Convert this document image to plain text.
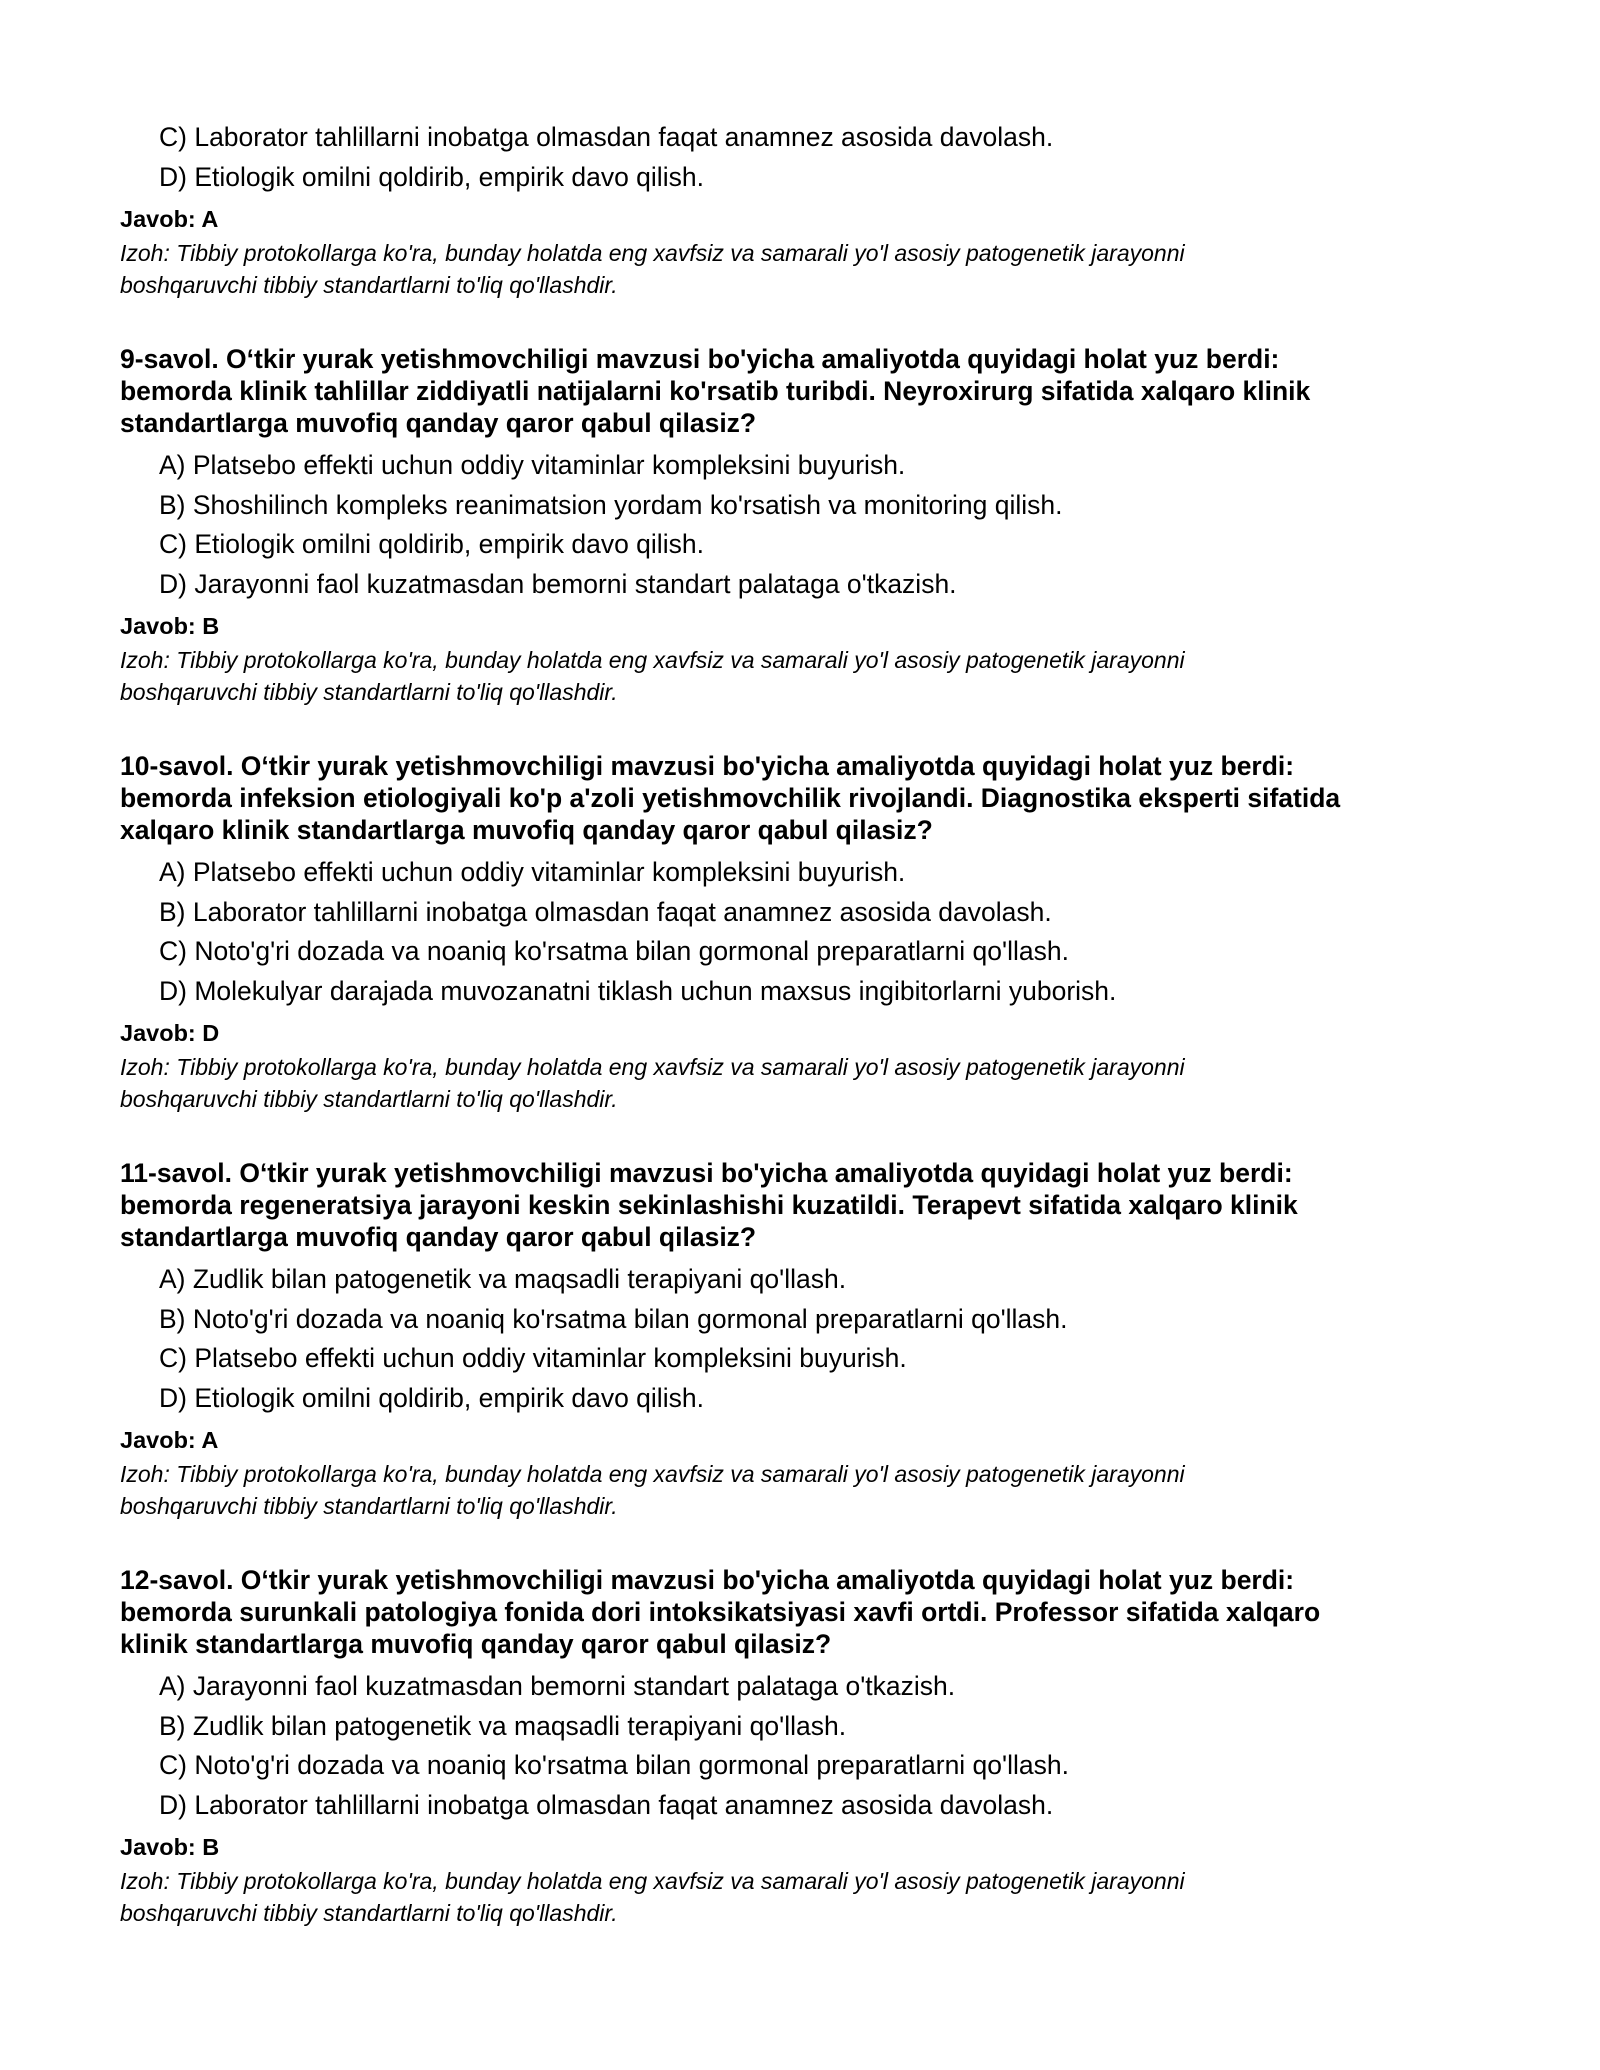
C) Laborator tahlillarni inobatga olmasdan faqat anamnez asosida davolash.
D) Etiologik omilni qoldirib, empirik davo qilish.
Javob: A
Izoh: Tibbiy protokollarga ko'ra, bunday holatda eng xavfsiz va samarali yo'l asosiy patogenetik jarayonni
boshqaruvchi tibbiy standartlarni to'liq qo'llashdir.
9-savol. O‘tkir yurak yetishmovchiligi mavzusi bo'yicha amaliyotda quyidagi holat yuz berdi:
bemorda klinik tahlillar ziddiyatli natijalarni ko'rsatib turibdi. Neyroxirurg sifatida xalqaro klinik
standartlarga muvofiq qanday qaror qabul qilasiz?
A) Platsebo effekti uchun oddiy vitaminlar kompleksini buyurish.
B) Shoshilinch kompleks reanimatsion yordam ko'rsatish va monitoring qilish.
C) Etiologik omilni qoldirib, empirik davo qilish.
D) Jarayonni faol kuzatmasdan bemorni standart palataga o'tkazish.
Javob: B
Izoh: Tibbiy protokollarga ko'ra, bunday holatda eng xavfsiz va samarali yo'l asosiy patogenetik jarayonni
boshqaruvchi tibbiy standartlarni to'liq qo'llashdir.
10-savol. O‘tkir yurak yetishmovchiligi mavzusi bo'yicha amaliyotda quyidagi holat yuz berdi:
bemorda infeksion etiologiyali ko'p a'zoli yetishmovchilik rivojlandi. Diagnostika eksperti sifatida
xalqaro klinik standartlarga muvofiq qanday qaror qabul qilasiz?
A) Platsebo effekti uchun oddiy vitaminlar kompleksini buyurish.
B) Laborator tahlillarni inobatga olmasdan faqat anamnez asosida davolash.
C) Noto'g'ri dozada va noaniq ko'rsatma bilan gormonal preparatlarni qo'llash.
D) Molekulyar darajada muvozanatni tiklash uchun maxsus ingibitorlarni yuborish.
Javob: D
Izoh: Tibbiy protokollarga ko'ra, bunday holatda eng xavfsiz va samarali yo'l asosiy patogenetik jarayonni
boshqaruvchi tibbiy standartlarni to'liq qo'llashdir.
11-savol. O‘tkir yurak yetishmovchiligi mavzusi bo'yicha amaliyotda quyidagi holat yuz berdi:
bemorda regeneratsiya jarayoni keskin sekinlashishi kuzatildi. Terapevt sifatida xalqaro klinik
standartlarga muvofiq qanday qaror qabul qilasiz?
A) Zudlik bilan patogenetik va maqsadli terapiyani qo'llash.
B) Noto'g'ri dozada va noaniq ko'rsatma bilan gormonal preparatlarni qo'llash.
C) Platsebo effekti uchun oddiy vitaminlar kompleksini buyurish.
D) Etiologik omilni qoldirib, empirik davo qilish.
Javob: A
Izoh: Tibbiy protokollarga ko'ra, bunday holatda eng xavfsiz va samarali yo'l asosiy patogenetik jarayonni
boshqaruvchi tibbiy standartlarni to'liq qo'llashdir.
12-savol. O‘tkir yurak yetishmovchiligi mavzusi bo'yicha amaliyotda quyidagi holat yuz berdi:
bemorda surunkali patologiya fonida dori intoksikatsiyasi xavfi ortdi. Professor sifatida xalqaro
klinik standartlarga muvofiq qanday qaror qabul qilasiz?
A) Jarayonni faol kuzatmasdan bemorni standart palataga o'tkazish.
B) Zudlik bilan patogenetik va maqsadli terapiyani qo'llash.
C) Noto'g'ri dozada va noaniq ko'rsatma bilan gormonal preparatlarni qo'llash.
D) Laborator tahlillarni inobatga olmasdan faqat anamnez asosida davolash.
Javob: B
Izoh: Tibbiy protokollarga ko'ra, bunday holatda eng xavfsiz va samarali yo'l asosiy patogenetik jarayonni
boshqaruvchi tibbiy standartlarni to'liq qo'llashdir.
